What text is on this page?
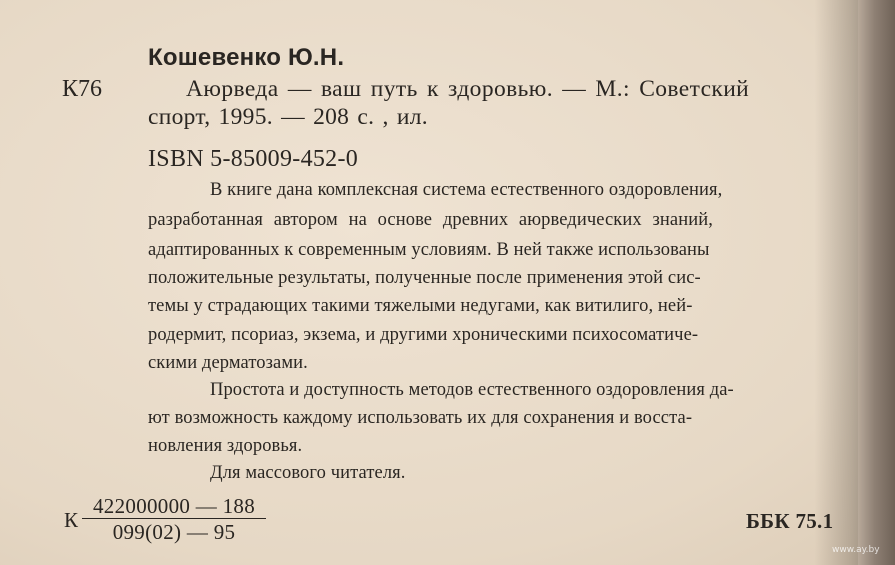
Кошевенко Ю.Н.
К76	Аюрведа — ваш путь к здоровью. — М.: Советский
спорт, 1995. — 208 с. , ил.
ISBN 5-85009-452-0
В книге дана комплексная система естественного оздоровления,
разработанная автором на основе древних аюрведических знаний,
адаптированных к современным условиям. В ней также использованы
положительные результаты, полученные после применения этой сис-
темы у страдающих такими тяжелыми недугами, как витилиго, ней-
родермит, псориаз, экзема, и другими хроническими психосоматиче-
скими дерматозами.
Простота и доступность методов естественного оздоровления да-
ют возможность каждому использовать их для сохранения и восста-
новления здоровья.
Для массового читателя.
К $\frac{422000000 — 188}{099(02) — 95}$	ББК 75.1
www.ay.by
